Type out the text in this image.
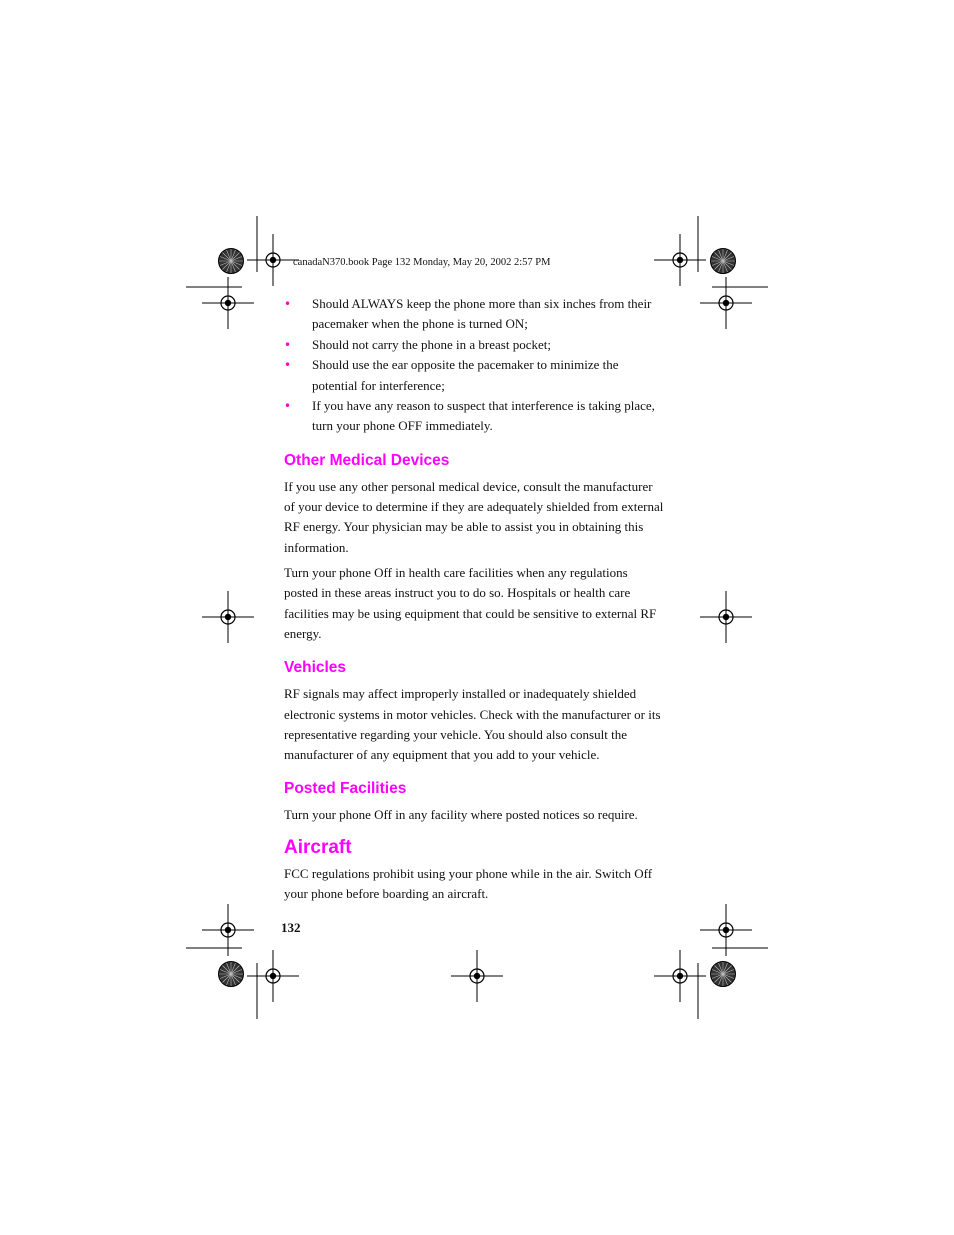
canadaN370.book Page 132 Monday, May 20, 2002 2:57 PM
• Should ALWAYS keep the phone more than six inches from their pacemaker when the phone is turned ON;
• Should not carry the phone in a breast pocket;
• Should use the ear opposite the pacemaker to minimize the potential for interference;
• If you have any reason to suspect that interference is taking place, turn your phone OFF immediately.
Other Medical Devices

If you use any other personal medical device, consult the manufacturer of your device to determine if they are adequately shielded from external RF energy. Your physician may be able to assist you in obtaining this information.

Turn your phone Off in health care facilities when any regulations posted in these areas instruct you to do so. Hospitals or health care facilities may be using equipment that could be sensitive to external RF energy.

Vehicles

RF signals may affect improperly installed or inadequately shielded electronic systems in motor vehicles. Check with the manufacturer or its representative regarding your vehicle. You should also consult the manufacturer of any equipment that you add to your vehicle.

Posted Facilities

Turn your phone Off in any facility where posted notices so require.

Aircraft

FCC regulations prohibit using your phone while in the air. Switch Off your phone before boarding an aircraft.

132
